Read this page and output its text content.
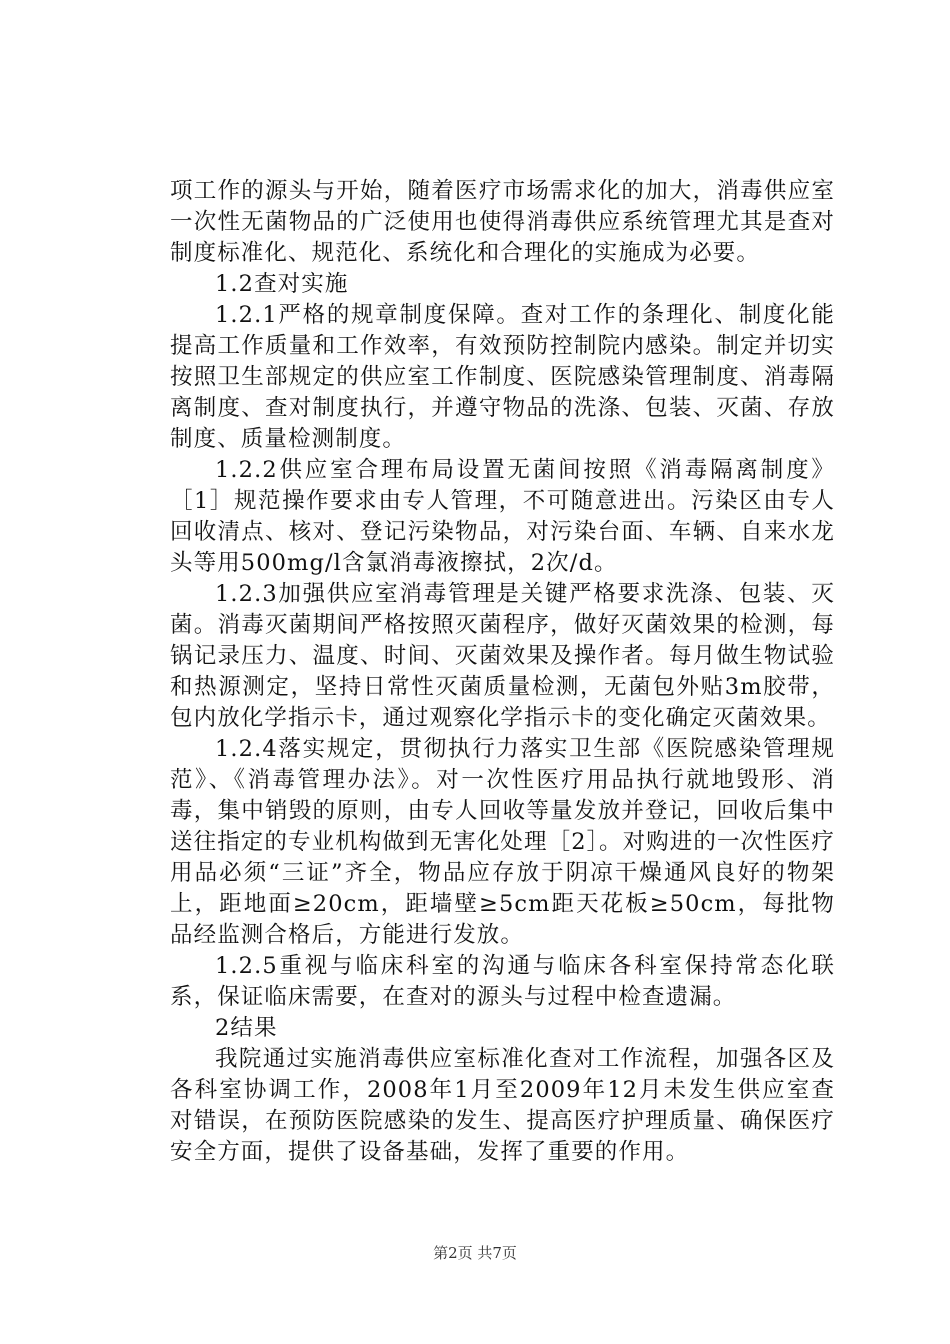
项工作的源头与开始，随着医疗市场需求化的加大，消毒供应室一次性无菌物品的广泛使用也使得消毒供应系统管理尤其是查对制度标准化、规范化、系统化和合理化的实施成为必要。

1.2查对实施

1.2.1严格的规章制度保障。查对工作的条理化、制度化能提高工作质量和工作效率，有效预防控制院内感染。制定并切实按照卫生部规定的供应室工作制度、医院感染管理制度、消毒隔离制度、查对制度执行，并遵守物品的洗涤、包装、灭菌、存放制度、质量检测制度。

1.2.2供应室合理布局设置无菌间按照《消毒隔离制度》［1］规范操作要求由专人管理，不可随意进出。污染区由专人回收清点、核对、登记污染物品，对污染台面、车辆、自来水龙头等用500mg/l含氯消毒液擦拭，2次/d。

1.2.3加强供应室消毒管理是关键严格要求洗涤、包装、灭菌。消毒灭菌期间严格按照灭菌程序，做好灭菌效果的检测，每锅记录压力、温度、时间、灭菌效果及操作者。每月做生物试验和热源测定，坚持日常性灭菌质量检测，无菌包外贴3m胶带，包内放化学指示卡，通过观察化学指示卡的变化确定灭菌效果。

1.2.4落实规定，贯彻执行力落实卫生部《医院感染管理规范》、《消毒管理办法》。对一次性医疗用品执行就地毁形、消毒，集中销毁的原则，由专人回收等量发放并登记，回收后集中送往指定的专业机构做到无害化处理［2］。对购进的一次性医疗用品必须“三证”齐全，物品应存放于阴凉干燥通风良好的物架上，距地面≥20cm，距墙壁≥5cm距天花板≥50cm，每批物品经监测合格后，方能进行发放。

1.2.5重视与临床科室的沟通与临床各科室保持常态化联系，保证临床需要，在查对的源头与过程中检查遗漏。

2结果

我院通过实施消毒供应室标准化查对工作流程，加强各区及各科室协调工作，2008年1月至2009年12月未发生供应室查对错误，在预防医院感染的发生、提高医疗护理质量、确保医疗安全方面，提供了设备基础，发挥了重要的作用。

第2页 共7页
